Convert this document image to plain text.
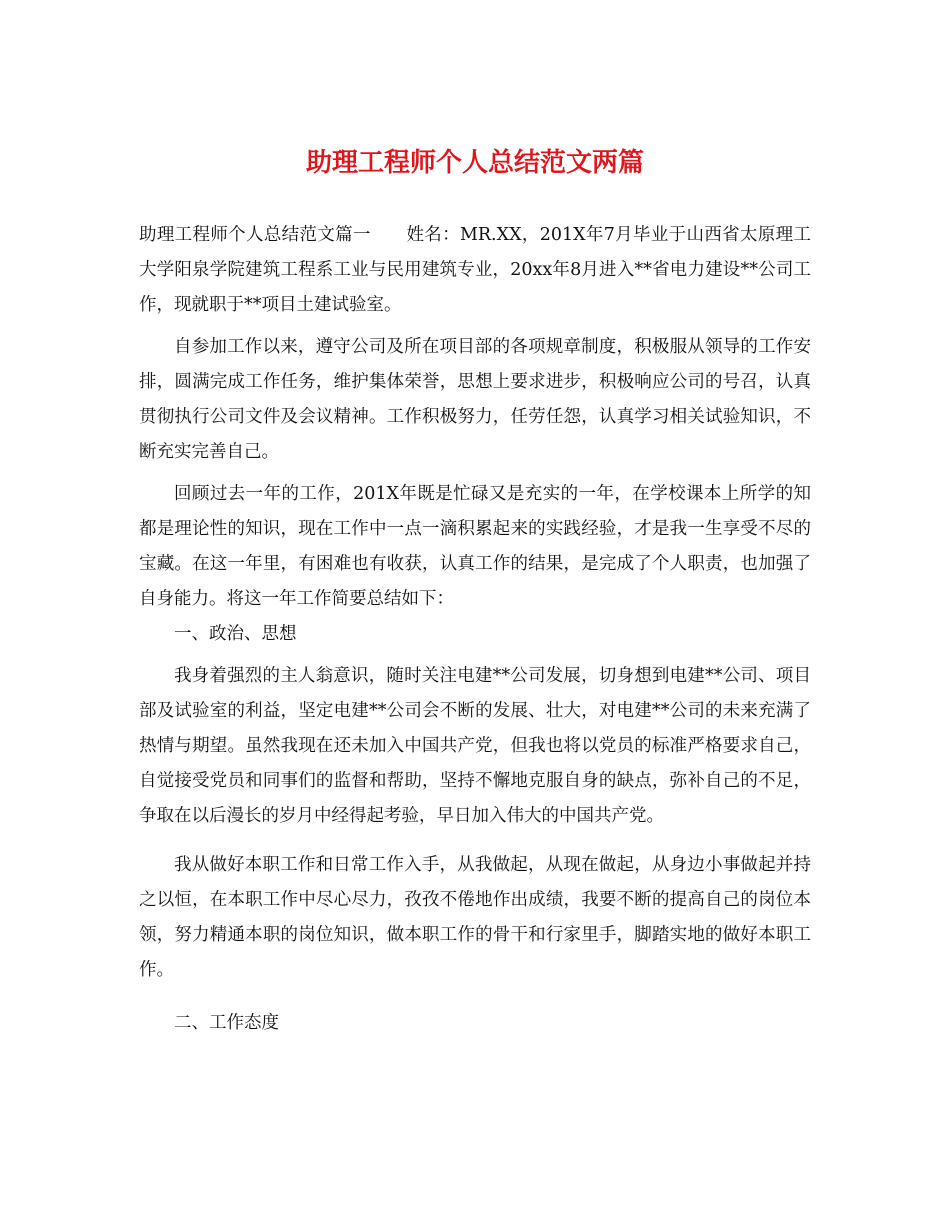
助理工程师个人总结范文两篇

助理工程师个人总结范文篇一　　姓名：MR.XX，201X年7月毕业于山西省太原理工大学阳泉学院建筑工程系工业与民用建筑专业，20xx年8月进入**省电力建设**公司工作，现就职于**项目土建试验室。

自参加工作以来，遵守公司及所在项目部的各项规章制度，积极服从领导的工作安排，圆满完成工作任务，维护集体荣誉，思想上要求进步，积极响应公司的号召，认真贯彻执行公司文件及会议精神。工作积极努力，任劳任怨，认真学习相关试验知识，不断充实完善自己。

回顾过去一年的工作，201X年既是忙碌又是充实的一年，在学校课本上所学的知都是理论性的知识，现在工作中一点一滴积累起来的实践经验，才是我一生享受不尽的宝藏。在这一年里，有困难也有收获，认真工作的结果，是完成了个人职责，也加强了自身能力。将这一年工作简要总结如下：

一、政治、思想

我身着强烈的主人翁意识，随时关注电建**公司发展，切身想到电建**公司、项目部及试验室的利益，坚定电建**公司会不断的发展、壮大，对电建**公司的未来充满了热情与期望。虽然我现在还未加入中国共产党，但我也将以党员的标准严格要求自己，自觉接受党员和同事们的监督和帮助，坚持不懈地克服自身的缺点，弥补自己的不足，争取在以后漫长的岁月中经得起考验，早日加入伟大的中国共产党。

我从做好本职工作和日常工作入手，从我做起，从现在做起，从身边小事做起并持之以恒，在本职工作中尽心尽力，孜孜不倦地作出成绩，我要不断的提高自己的岗位本领，努力精通本职的岗位知识，做本职工作的骨干和行家里手，脚踏实地的做好本职工作。

二、工作态度
